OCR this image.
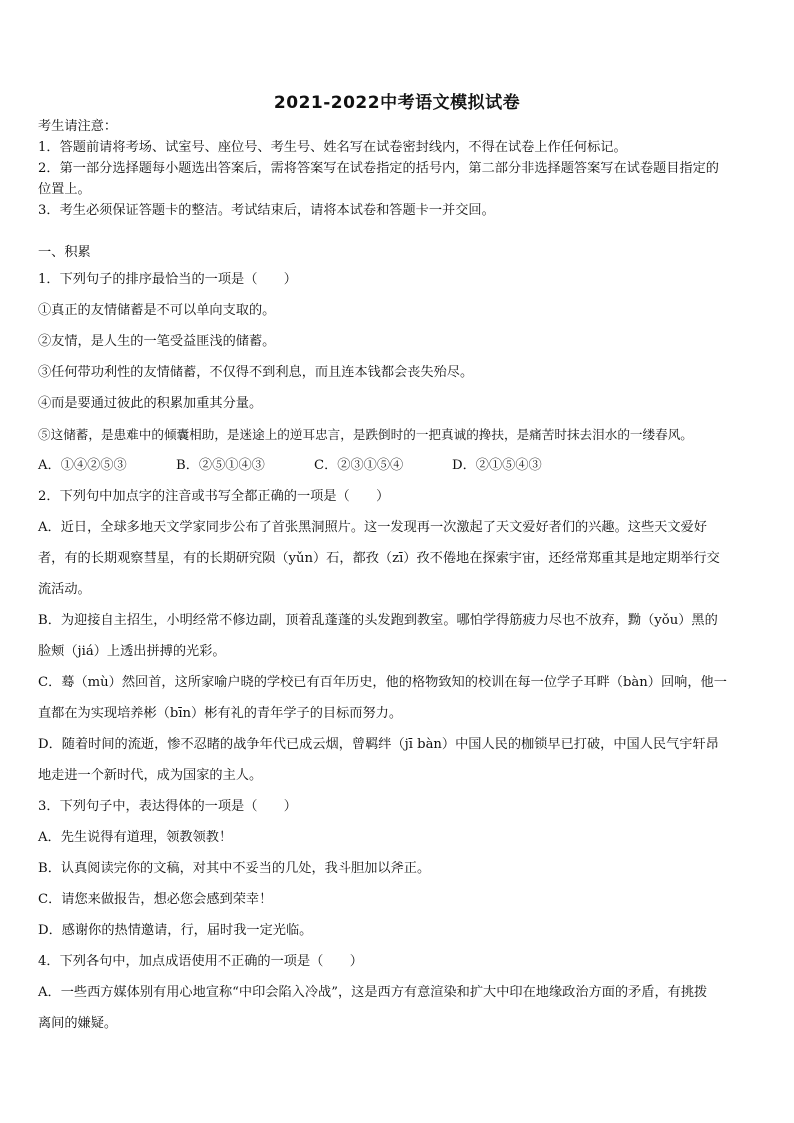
2021-2022中考语文模拟试卷
考生请注意：
1．答题前请将考场、试室号、座位号、考生号、姓名写在试卷密封线内，不得在试卷上作任何标记。
2．第一部分选择题每小题选出答案后，需将答案写在试卷指定的括号内，第二部分非选择题答案写在试卷题目指定的
位置上。
3．考生必须保证答题卡的整洁。考试结束后，请将本试卷和答题卡一并交回。
一、积累
1．下列句子的排序最恰当的一项是（　　）
①真正的友情储蓄是不可以单向支取的。
②友情，是人生的一笔受益匪浅的储蓄。
③任何带功利性的友情储蓄，不仅得不到利息，而且连本钱都会丧失殆尽。
④而是要通过彼此的积累加重其分量。
⑤这储蓄，是患难中的倾囊相助，是迷途上的逆耳忠言，是跌倒时的一把真诚的搀扶，是痛苦时抹去泪水的一缕春风。
A．①④②⑤③	B．②⑤①④③	C．②③①⑤④	D．②①⑤④③
2．下列句中加点字的注音或书写全都正确的一项是（　　）
A．近日，全球多地天文学家同步公布了首张黑洞照片。这一发现再一次激起了天文爱好者们的兴趣。这些天文爱好
者，有的长期观察彗星，有的长期研究陨（yǔn）石，都孜（zī）孜不倦地在探索宇宙，还经常郑重其是地定期举行交
流活动。
B．为迎接自主招生，小明经常不修边副，顶着乱蓬蓬的头发跑到教室。哪怕学得筋疲力尽也不放弃，黝（yǒu）黑的
脸颊（jiá）上透出拼搏的光彩。
C．蓦（mù）然回首，这所家喻户晓的学校已有百年历史，他的格物致知的校训在每一位学子耳畔（bàn）回响，他一
直都在为实现培养彬（bīn）彬有礼的青年学子的目标而努力。
D．随着时间的流逝，惨不忍睹的战争年代已成云烟，曾羁绊（jī bàn）中国人民的枷锁早已打破，中国人民气宇轩昂
地走进一个新时代，成为国家的主人。
3．下列句子中，表达得体的一项是（　　）
A．先生说得有道理，领教领教！
B．认真阅读完你的文稿，对其中不妥当的几处，我斗胆加以斧正。
C．请您来做报告，想必您会感到荣幸！
D．感谢你的热情邀请，行，届时我一定光临。
4．下列各句中，加点成语使用不正确的一项是（　　）
A．一些西方媒体别有用心地宣称“中印会陷入冷战”，这是西方有意渲染和扩大中印在地缘政治方面的矛盾，有挑拨
离间的嫌疑。
